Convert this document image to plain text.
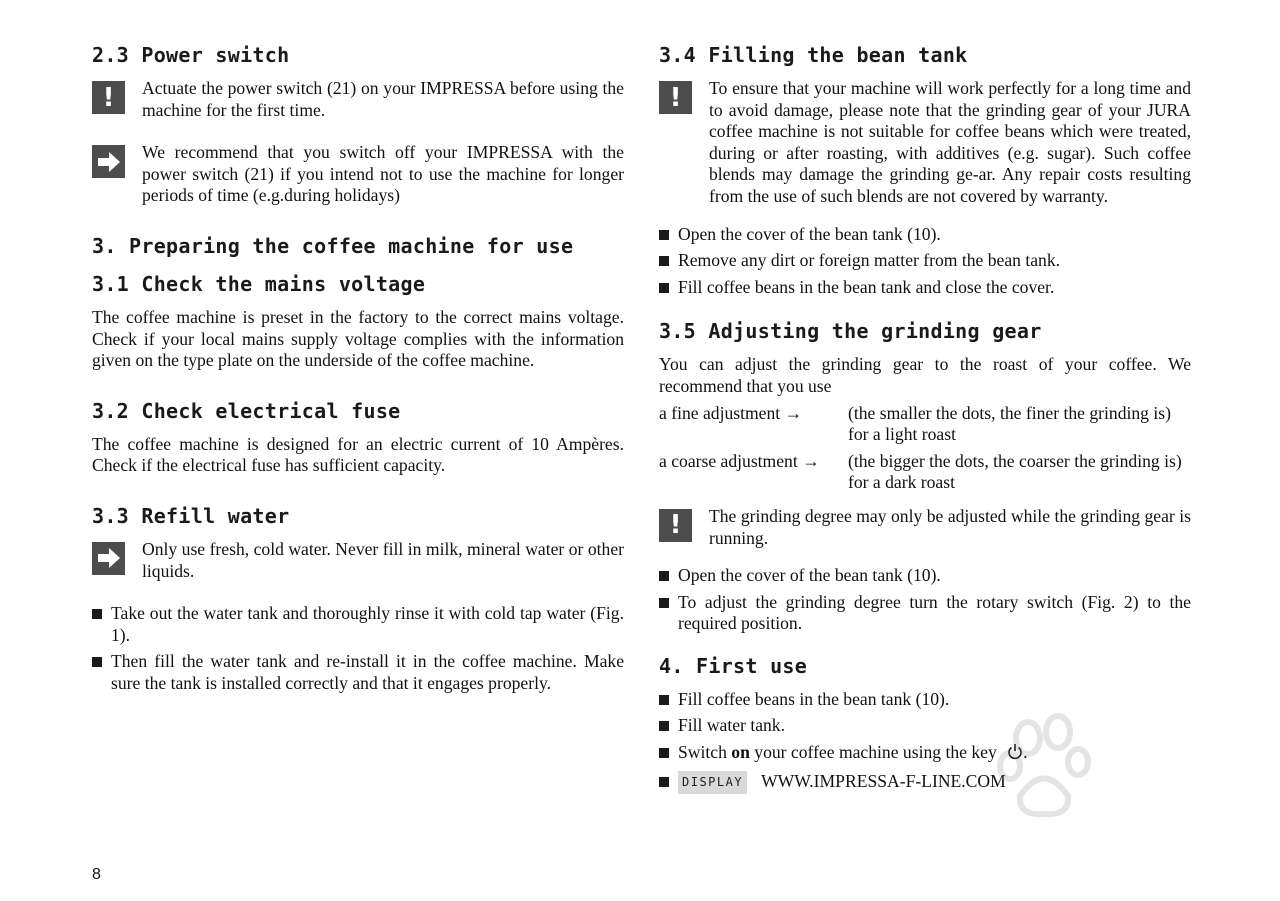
2.3 Power switch
!	Actuate the power switch (21) on your IMPRESSA before using the machine for the first time.

We recommend that you switch off your IMPRESSA with the power switch (21) if you intend not to use the machine for longer periods of time (e.g.during holidays)

3. Preparing the coffee machine for use
3.1 Check the mains voltage

The coffee machine is preset in the factory to the correct mains voltage. Check if your local mains supply voltage complies with the information given on the type plate on the underside of the coffee machine.

3.2 Check electrical fuse

The coffee machine is designed for an electric current of 10 Ampères. Check if the electrical fuse has sufficient capacity.

3.3 Refill water

Only use fresh, cold water. Never fill in milk, mineral water or other liquids.

Take out the water tank and thoroughly rinse it with cold tap water (Fig. 1).

Then fill the water tank and re-install it in the coffee machine. Make sure the tank is installed correctly and that it engages properly.

3.4 Filling the bean tank
!	To ensure that your machine will work perfectly for a long time and to avoid damage, please note that the grinding gear of your JURA coffee machine is not suitable for coffee beans which were treated, during or after roasting, with additives (e.g. sugar). Such coffee blends may damage the grinding ge-ar. Any repair costs resulting from the use of such blends are not covered by warranty.

Open the cover of the bean tank (10).

Remove any dirt or foreign matter from the bean tank.

Fill coffee beans in the bean tank and close the cover.

3.5 Adjusting the grinding gear

You can adjust the grinding gear to the roast of your coffee. We recommend that you use

a fine adjustment →	(the smaller the dots, the finer the grinding is) for a light roast
a coarse adjustment →	(the bigger the dots, the coarser the grinding is) for a dark roast
!	The grinding degree may only be adjusted while the grinding gear is running.

Open the cover of the bean tank (10).

To adjust the grinding degree turn the rotary switch (Fig. 2) to the required position.

4. First use

Fill coffee beans in the bean tank (10).

Fill water tank.

Switch on your coffee machine using the key .

DISPLAY WWW.IMPRESSA-F-LINE.COM

8
